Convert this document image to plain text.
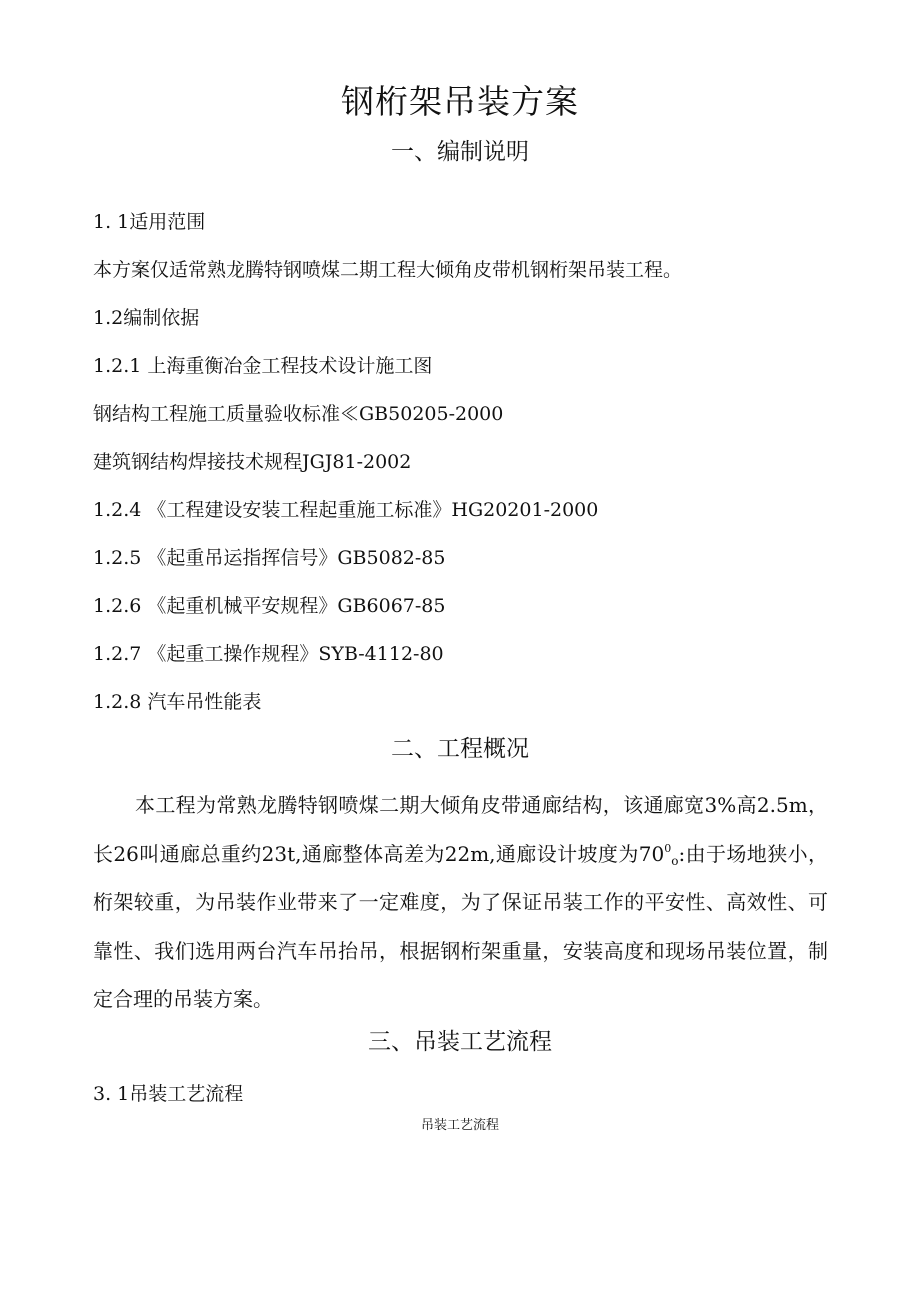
钢桁架吊装方案
一、编制说明
1. 1适用范围
本方案仅适常熟龙腾特钢喷煤二期工程大倾角皮带机钢桁架吊装工程。
1.2编制依据
1.2.1 上海重衡冶金工程技术设计施工图
钢结构工程施工质量验收标准≪GB50205-2000
建筑钢结构焊接技术规程JGJ81-2002
1.2.4 《工程建设安装工程起重施工标准》HG20201-2000
1.2.5 《起重吊运指挥信号》GB5082-85
1.2.6 《起重机械平安规程》GB6067-85
1.2.7 《起重工操作规程》SYB-4112-80
1.2.8 汽车吊性能表
二、工程概况
本工程为常熟龙腾特钢喷煤二期大倾角皮带通廊结构，该通廊宽3%高2.5m，长26叫通廊总重约23t,通廊整体高差为22m,通廊设计坡度为$70^0_o$:由于场地狭小，桁架较重，为吊装作业带来了一定难度，为了保证吊装工作的平安性、高效性、可靠性、我们选用两台汽车吊抬吊，根据钢桁架重量，安装高度和现场吊装位置，制定合理的吊装方案。
三、吊装工艺流程
3. 1吊装工艺流程
吊装工艺流程
